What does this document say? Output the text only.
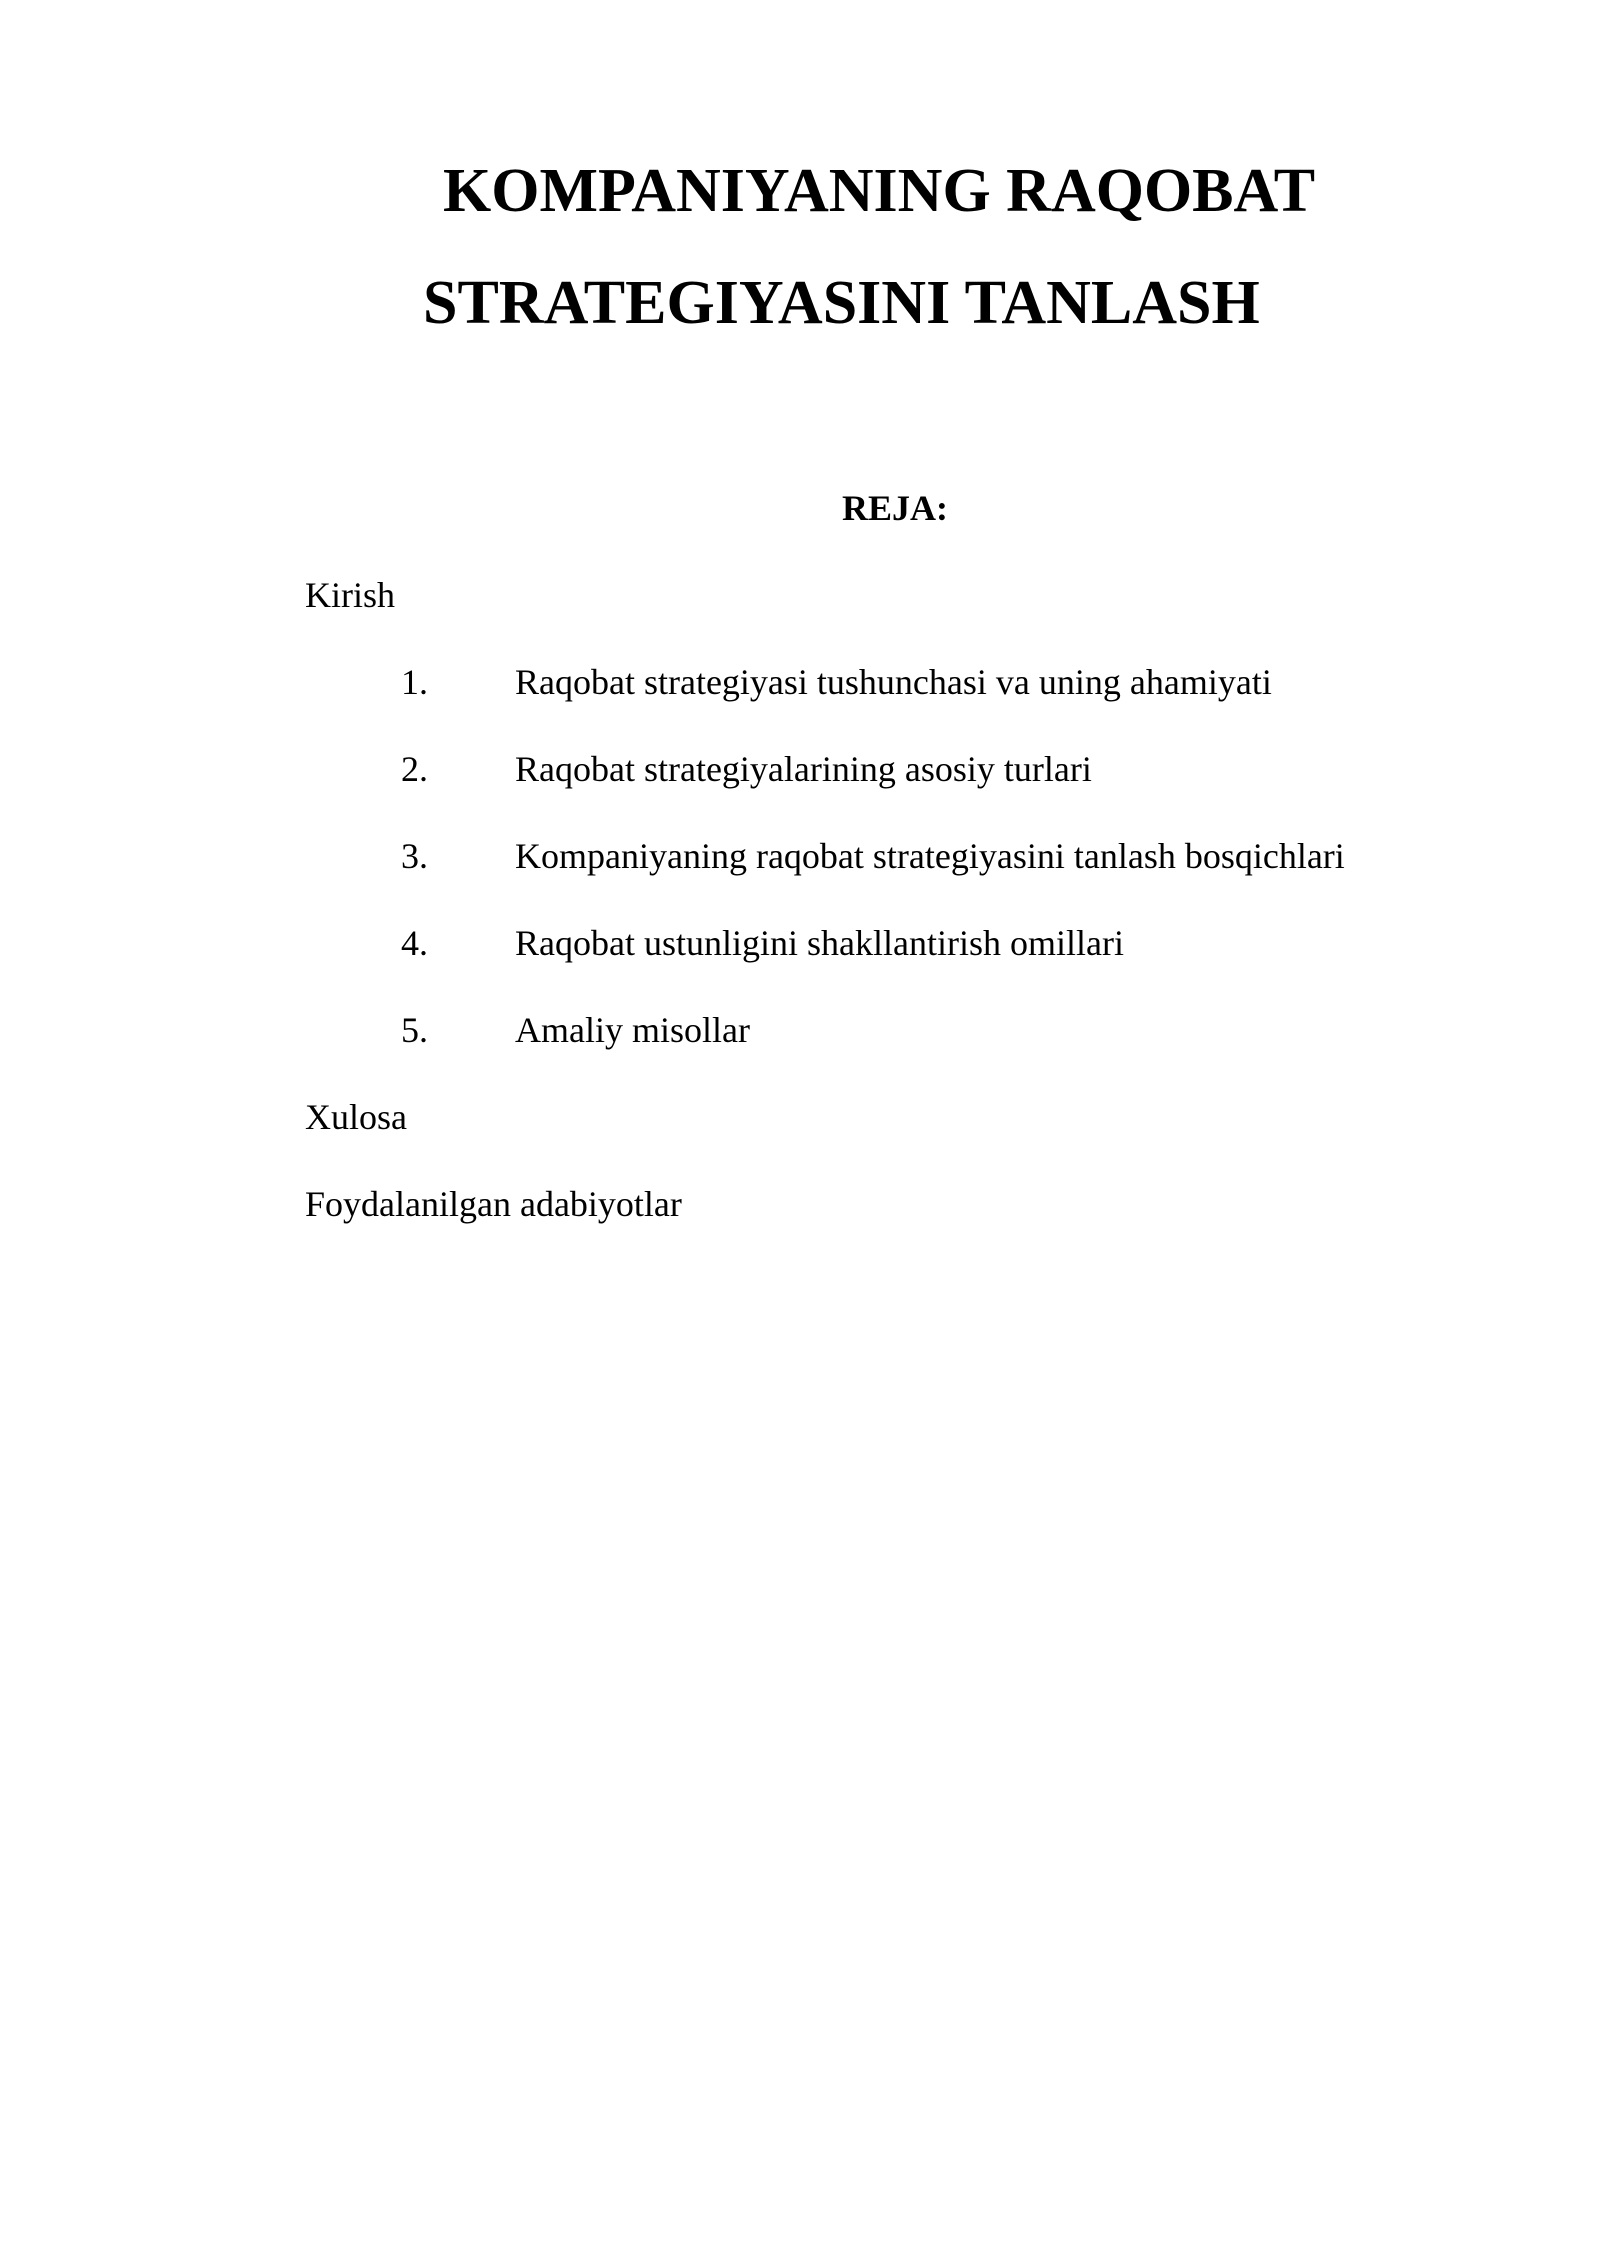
KOMPANIYANING RAQOBAT
STRATEGIYASINI TANLASH
REJA:
Kirish
1. Raqobat strategiyasi tushunchasi va uning ahamiyati
2. Raqobat strategiyalarining asosiy turlari
3. Kompaniyaning raqobat strategiyasini tanlash bosqichlari
4. Raqobat ustunligini shakllantirish omillari
5. Amaliy misollar
Xulosa
Foydalanilgan adabiyotlar
